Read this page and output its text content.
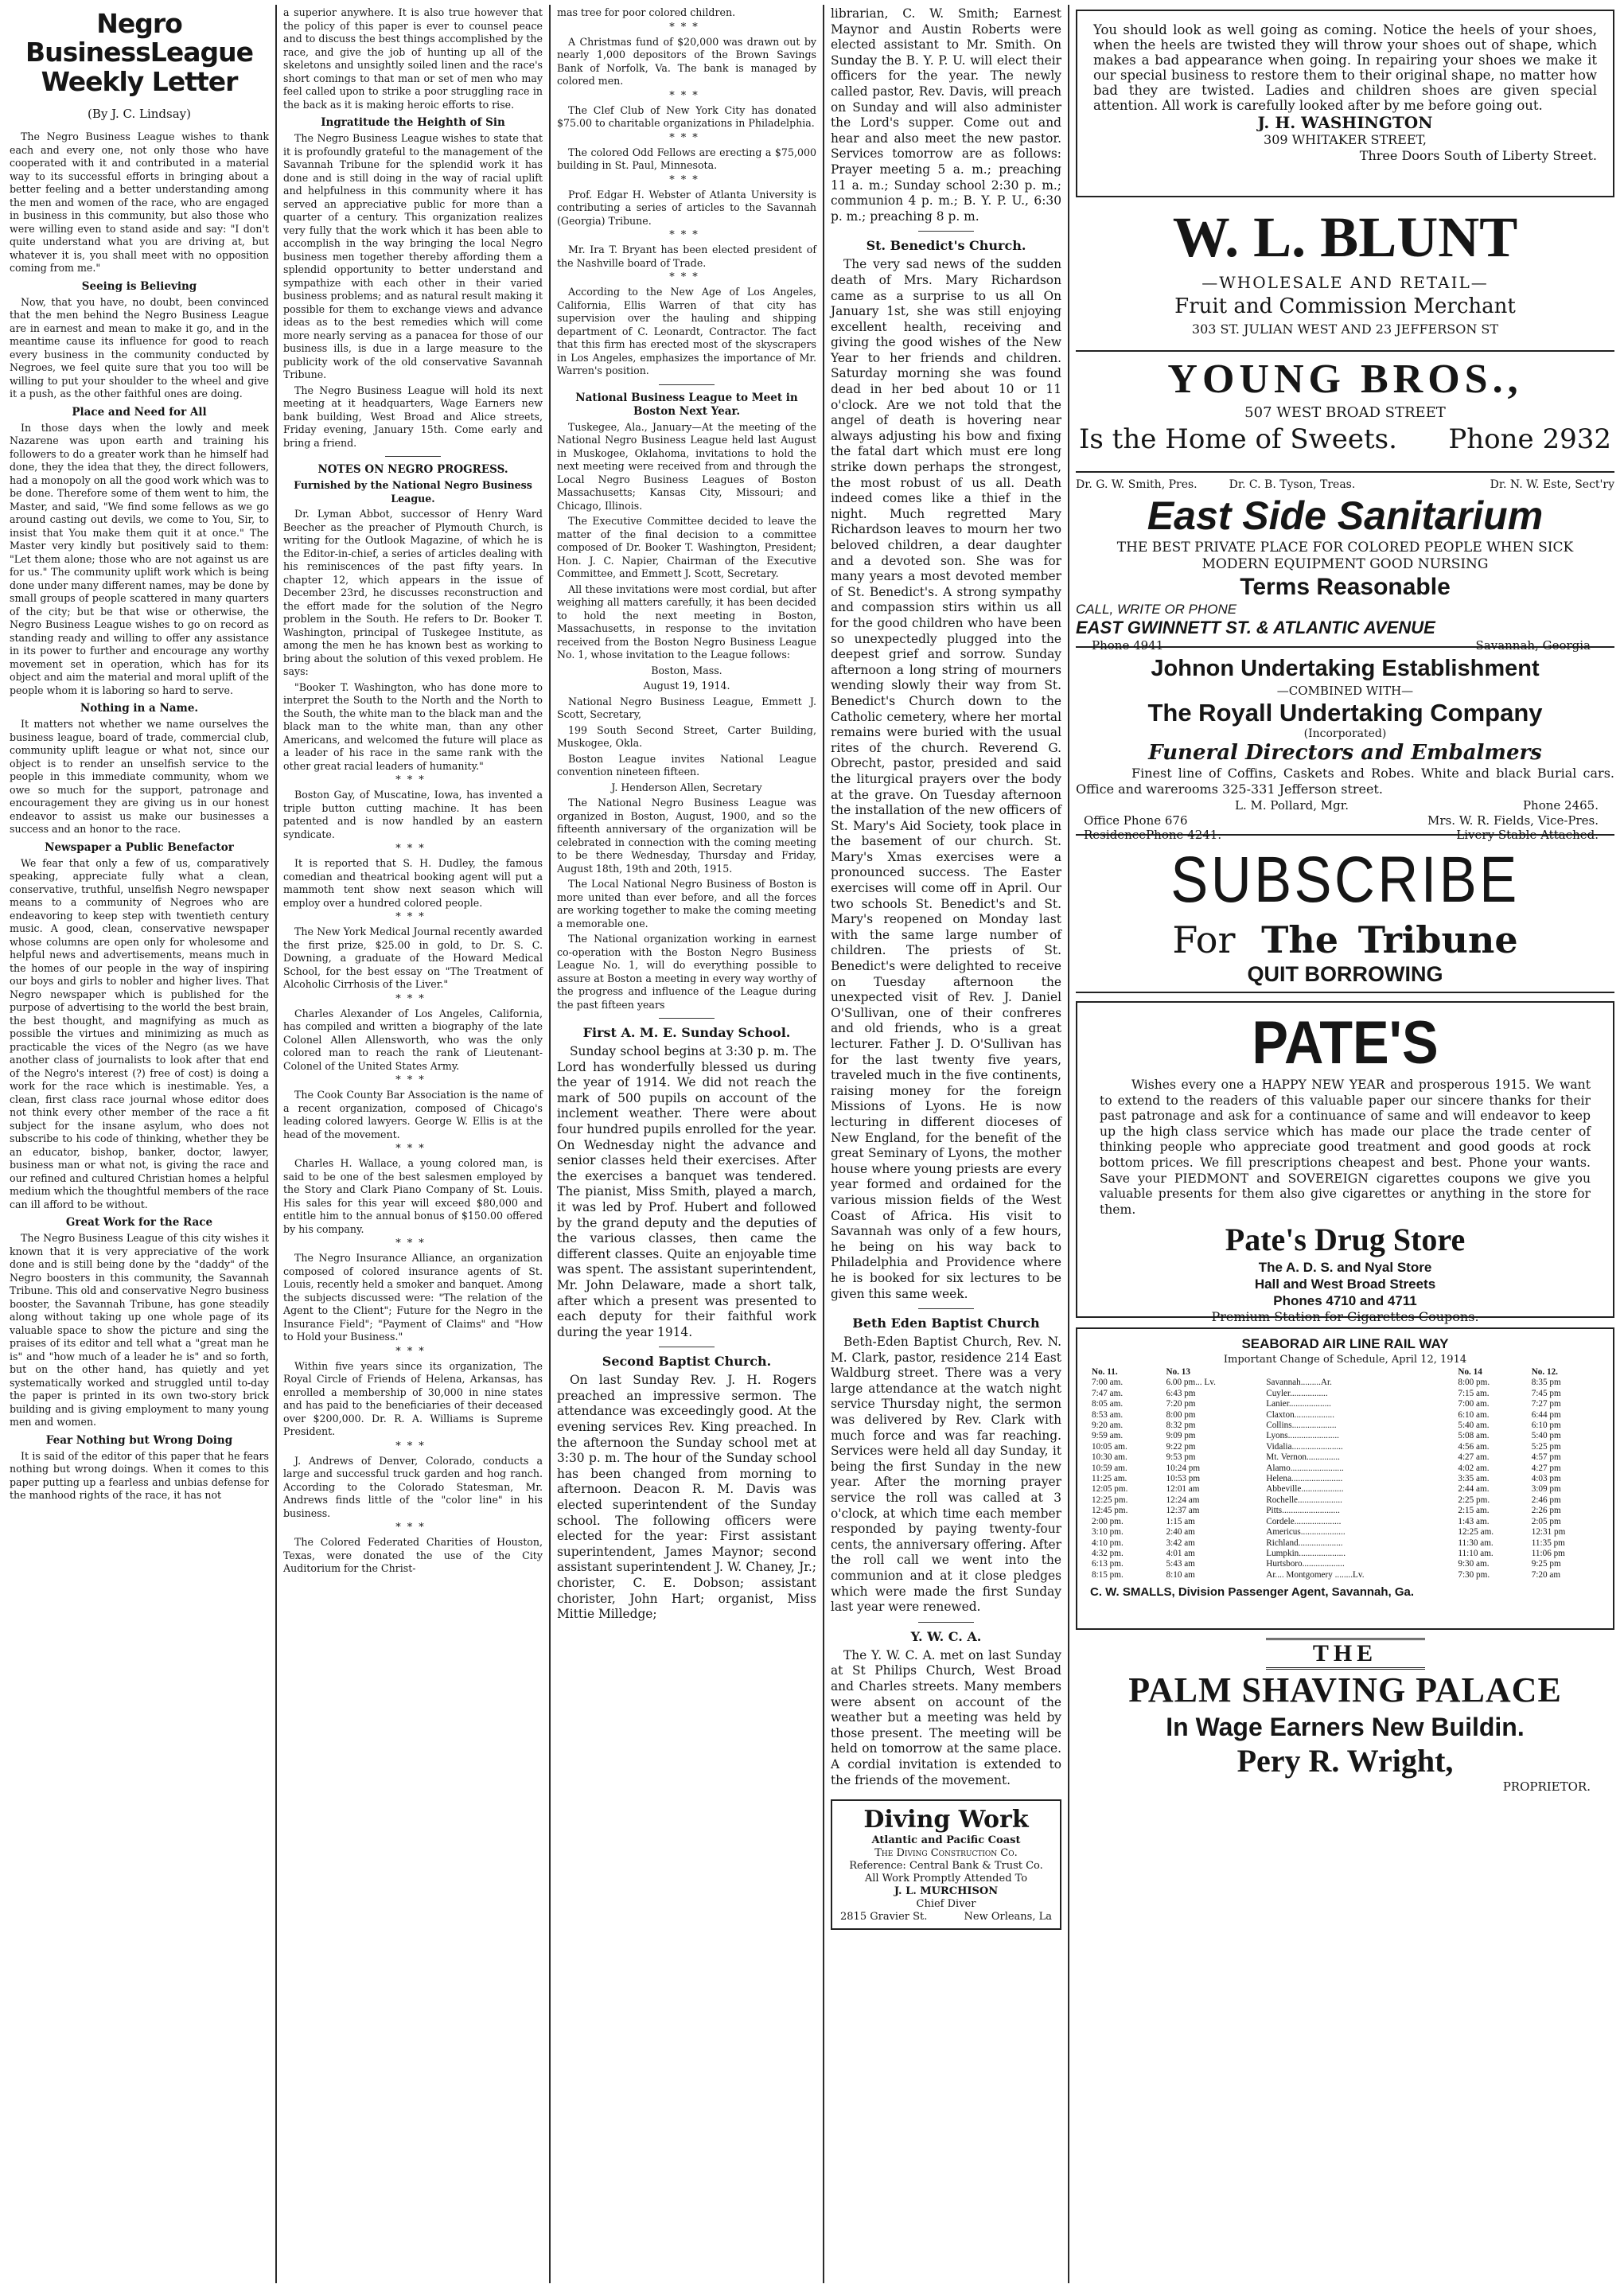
Negro BusinessLeague
Weekly Letter
(By J. C. Lindsay)

The Negro Business League wishes to thank each and every one, not only those who have cooperated with it and contributed in a material way to its successful efforts in bringing about a better feeling and a better understanding among the men and women of the race, who are engaged in business in this community, but also those who were willing even to stand aside and say: "I don't quite understand what you are driving at, but whatever it is, you shall meet with no opposition coming from me."

Seeing is Believing

Now, that you have, no doubt, been convinced that the men behind the Negro Business League are in earnest and mean to make it go, and in the meantime cause its influence for good to reach every business in the community conducted by Negroes, we feel quite sure that you too will be willing to put your shoulder to the wheel and give it a push, as the other faithful ones are doing.

Place and Need for All

In those days when the lowly and meek Nazarene was upon earth and training his followers to do a greater work than he himself had done, they the idea that they, the direct followers, had a monopoly on all the good work which was to be done. Therefore some of them went to him, the Master, and said, "We find some fellows as we go around casting out devils, we come to You, Sir, to insist that You make them quit it at once." The Master very kindly but positively said to them: "Let them alone; those who are not against us are for us." The community uplift work which is being done under many different names, may be done by small groups of people scattered in many quarters of the city; but be that wise or otherwise, the Negro Business League wishes to go on record as standing ready and willing to offer any assistance in its power to further and encourage any worthy movement set in operation, which has for its object and aim the material and moral uplift of the people whom it is laboring so hard to serve.

Nothing in a Name.

It matters not whether we name ourselves the business league, board of trade, commercial club, community uplift league or what not, since our object is to render an unselfish service to the people in this immediate community, whom we owe so much for the support, patronage and encouragement they are giving us in our honest endeavor to assist us make our businesses a success and an honor to the race.

Newspaper a Public Benefactor

We fear that only a few of us, comparatively speaking, appreciate fully what a clean, conservative, truthful, unselfish Negro newspaper means to a community of Negroes who are endeavoring to keep step with twentieth century music. A good, clean, conservative newspaper whose columns are open only for wholesome and helpful news and advertisements, means much in the homes of our people in the way of inspiring our boys and girls to nobler and higher lives. That Negro newspaper which is published for the purpose of advertising to the world the best brain, the best thought, and magnifying as much as possible the virtues and minimizing as much as practicable the vices of the Negro (as we have another class of journalists to look after that end of the Negro's interest (?) free of cost) is doing a work for the race which is inestimable. Yes, a clean, first class race journal whose editor does not think every other member of the race a fit subject for the insane asylum, who does not subscribe to his code of thinking, whether they be an educator, bishop, banker, doctor, lawyer, business man or what not, is giving the race and our refined and cultured Christian homes a helpful medium which the thoughtful members of the race can ill afford to be without.

Great Work for the Race

The Negro Business League of this city wishes it known that it is very appreciative of the work done and is still being done by the "daddy" of the Negro boosters in this community, the Savannah Tribune. This old and conservative Negro business booster, the Savannah Tribune, has gone steadily along without taking up one whole page of its valuable space to show the picture and sing the praises of its editor and tell what a "great man he is" and "how much of a leader he is" and so forth, but on the other hand, has quietly and yet systematically worked and struggled until to-day the paper is printed in its own two-story brick building and is giving employment to many young men and women.

Fear Nothing but Wrong Doing

It is said of the editor of this paper that he fears nothing but wrong doings. When it comes to this paper putting up a fearless and unbias defense for the manhood rights of the race, it has not

a superior anywhere. It is also true however that the policy of this paper is ever to counsel peace and to discuss the best things accomplished by the race, and give the job of hunting up all of the skeletons and unsightly soiled linen and the race's short comings to that man or set of men who may feel called upon to strike a poor struggling race in the back as it is making heroic efforts to rise.

Ingratitude the Heighth of Sin

The Negro Business League wishes to state that it is profoundly grateful to the management of the Savannah Tribune for the splendid work it has done and is still doing in the way of racial uplift and helpfulness in this community where it has served an appreciative public for more than a quarter of a century. This organization realizes very fully that the work which it has been able to accomplish in the way bringing the local Negro business men together thereby affording them a splendid opportunity to better understand and sympathize with each other in their varied business problems; and as natural result making it possible for them to exchange views and advance ideas as to the best remedies which will come more nearly serving as a panacea for those of our business ills, is due in a large measure to the publicity work of the old conservative Savannah Tribune.

The Negro Business League will hold its next meeting at it headquarters, Wage Earners new bank building, West Broad and Alice streets, Friday evening, January 15th. Come early and bring a friend.

NOTES ON NEGRO PROGRESS.

Furnished by the National Negro Business League.

Dr. Lyman Abbot, successor of Henry Ward Beecher as the preacher of Plymouth Church, is writing for the Outlook Magazine, of which he is the Editor-in-chief, a series of articles dealing with his reminiscences of the past fifty years. In chapter 12, which appears in the issue of December 23rd, he discusses reconstruction and the effort made for the solution of the Negro problem in the South. He refers to Dr. Booker T. Washington, principal of Tuskegee Institute, as among the men he has known best as working to bring about the solution of this vexed problem. He says:

"Booker T. Washington, who has done more to interpret the South to the North and the North to the South, the white man to the black man and the black man to the white man, than any other Americans, and welcomed the future will place as a leader of his race in the same rank with the other great racial leaders of humanity."

***

Boston Gay, of Muscatine, Iowa, has invented a triple button cutting machine. It has been patented and is now handled by an eastern syndicate.

***

It is reported that S. H. Dudley, the famous comedian and theatrical booking agent will put a mammoth tent show next season which will employ over a hundred colored people.

***

The New York Medical Journal recently awarded the first prize, $25.00 in gold, to Dr. S. C. Downing, a graduate of the Howard Medical School, for the best essay on "The Treatment of Alcoholic Cirrhosis of the Liver."

***

Charles Alexander of Los Angeles, California, has compiled and written a biography of the late Colonel Allen Allensworth, who was the only colored man to reach the rank of Lieutenant-Colonel of the United States Army.

***

The Cook County Bar Association is the name of a recent organization, composed of Chicago's leading colored lawyers. George W. Ellis is at the head of the movement.

***

Charles H. Wallace, a young colored man, is said to be one of the best salesmen employed by the Story and Clark Piano Company of St. Louis. His sales for this year will exceed $80,000 and entitle him to the annual bonus of $150.00 offered by his company.

***

The Negro Insurance Alliance, an organization composed of colored insurance agents of St. Louis, recently held a smoker and banquet. Among the subjects discussed were: "The relation of the Agent to the Client"; Future for the Negro in the Insurance Field"; "Payment of Claims" and "How to Hold your Business."

***

Within five years since its organization, The Royal Circle of Friends of Helena, Arkansas, has enrolled a membership of 30,000 in nine states and has paid to the beneficiaries of their deceased over $200,000. Dr. R. A. Williams is Supreme President.

***

J. Andrews of Denver, Colorado, conducts a large and successful truck garden and hog ranch. According to the Colorado Statesman, Mr. Andrews finds little of the "color line" in his business.

***

The Colored Federated Charities of Houston, Texas, were donated the use of the City Auditorium for the Christ-

mas tree for poor colored children.

***

A Christmas fund of $20,000 was drawn out by nearly 1,000 depositors of the Brown Savings Bank of Norfolk, Va. The bank is managed by colored men.

***

The Clef Club of New York City has donated $75.00 to charitable organizations in Philadelphia.

***

The colored Odd Fellows are erecting a $75,000 building in St. Paul, Minnesota.

***

Prof. Edgar H. Webster of Atlanta University is contributing a series of articles to the Savannah (Georgia) Tribune.

***

Mr. Ira T. Bryant has been elected president of the Nashville board of Trade.

***

According to the New Age of Los Angeles, California, Ellis Warren of that city has supervision over the hauling and shipping department of C. Leonardt, Contractor. The fact that this firm has erected most of the skyscrapers in Los Angeles, emphasizes the importance of Mr. Warren's position.

National Business League to Meet in Boston Next Year.

Tuskegee, Ala., January—At the meeting of the National Negro Business League held last August in Muskogee, Oklahoma, invitations to hold the next meeting were received from and through the Local Negro Business Leagues of Boston Massachusetts; Kansas City, Missouri; and Chicago, Illinois.

The Executive Committee decided to leave the matter of the final decision to a committee composed of Dr. Booker T. Washington, President; Hon. J. C. Napier, Chairman of the Executive Committee, and Emmett J. Scott, Secretary.

All these invitations were most cordial, but after weighing all matters carefully, it has been decided to hold the next meeting in Boston, Massachusetts, in response to the invitation received from the Boston Negro Business League No. 1, whose invitation to the League follows:

Boston, Mass.

August 19, 1914.

National Negro Business League, Emmett J. Scott, Secretary,

199 South Second Street, Carter Building, Muskogee, Okla.

Boston League invites National League convention nineteen fifteen.

J. Henderson Allen, Secretary

The National Negro Business League was organized in Boston, August, 1900, and so the fifteenth anniversary of the organization will be celebrated in connection with the coming meeting to be there Wednesday, Thursday and Friday, August 18th, 19th and 20th, 1915.

The Local National Negro Business of Boston is more united than ever before, and all the forces are working together to make the coming meeting a memorable one.

The National organization working in earnest co-operation with the Boston Negro Business League No. 1, will do everything possible to assure at Boston a meeting in every way worthy of the progress and influence of the League during the past fifteen years

First A. M. E. Sunday School.

Sunday school begins at 3:30 p. m. The Lord has wonderfully blessed us during the year of 1914. We did not reach the mark of 500 pupils on account of the inclement weather. There were about four hundred pupils enrolled for the year. On Wednesday night the advance and senior classes held their exercises. After the exercises a banquet was tendered. The pianist, Miss Smith, played a march, it was led by Prof. Hubert and followed by the grand deputy and the deputies of the various classes, then came the different classes. Quite an enjoyable time was spent. The assistant superintendent, Mr. John Delaware, made a short talk, after which a present was presented to each deputy for their faithful work during the year 1914.

Second Baptist Church.

On last Sunday Rev. J. H. Rogers preached an impressive sermon. The attendance was exceedingly good. At the evening services Rev. King preached. In the afternoon the Sunday school met at 3:30 p. m. The hour of the Sunday school has been changed from morning to afternoon. Deacon R. M. Davis was elected superintendent of the Sunday school. The following officers were elected for the year: First assistant superintendent, James Maynor; second assistant superintendent J. W. Chaney, Jr.; chorister, C. E. Dobson; assistant chorister, John Hart; organist, Miss Mittie Milledge;

librarian, C. W. Smith; Earnest Maynor and Austin Roberts were elected assistant to Mr. Smith. On Sunday the B. Y. P. U. will elect their officers for the year. The newly called pastor, Rev. Davis, will preach on Sunday and will also administer the Lord's supper. Come out and hear and also meet the new pastor. Services tomorrow are as follows: Prayer meeting 5 a. m.; preaching 11 a. m.; Sunday school 2:30 p. m.; communion 4 p. m.; B. Y. P. U., 6:30 p. m.; preaching 8 p. m.

St. Benedict's Church.

The very sad news of the sudden death of Mrs. Mary Richardson came as a surprise to us all On January 1st, she was still enjoying excellent health, receiving and giving the good wishes of the New Year to her friends and children. Saturday morning she was found dead in her bed about 10 or 11 o'clock. Are we not told that the angel of death is hovering near always adjusting his bow and fixing the fatal dart which must ere long strike down perhaps the strongest, the most robust of us all. Death indeed comes like a thief in the night. Much regretted Mary Richardson leaves to mourn her two beloved children, a dear daughter and a devoted son. She was for many years a most devoted member of St. Benedict's. A strong sympathy and compassion stirs within us all for the good children who have been so unexpectedly plugged into the deepest grief and sorrow. Sunday afternoon a long string of mourners wending slowly their way from St. Benedict's Church down to the Catholic cemetery, where her mortal remains were buried with the usual rites of the church. Reverend G. Obrecht, pastor, presided and said the liturgical prayers over the body at the grave. On Tuesday afternoon the installation of the new officers of St. Mary's Aid Society, took place in the basement of our church. St. Mary's Xmas exercises were a pronounced success. The Easter exercises will come off in April. Our two schools St. Benedict's and St. Mary's reopened on Monday last with the same large number of children. The priests of St. Benedict's were delighted to receive on Tuesday afternoon the unexpected visit of Rev. J. Daniel O'Sullivan, one of their confreres and old friends, who is a great lecturer. Father J. D. O'Sullivan has for the last twenty five years, traveled much in the five continents, raising money for the foreign Missions of Lyons. He is now lecturing in different dioceses of New England, for the benefit of the great Seminary of Lyons, the mother house where young priests are every year formed and ordained for the various mission fields of the West Coast of Africa. His visit to Savannah was only of a few hours, he being on his way back to Philadelphia and Providence where he is booked for six lectures to be given this same week.

Beth Eden Baptist Church

Beth-Eden Baptist Church, Rev. N. M. Clark, pastor, residence 214 East Waldburg street. There was a very large attendance at the watch night service Thursday night, the sermon was delivered by Rev. Clark with much force and was far reaching. Services were held all day Sunday, it being the first Sunday in the new year. After the morning prayer service the roll was called at 3 o'clock, at which time each member responded by paying twenty-four cents, the anniversary offering. After the roll call we went into the communion and at it close pledges which were made the first Sunday last year were renewed.

Y. W. C. A.

The Y. W. C. A. met on last Sunday at St Philips Church, West Broad and Charles streets. Many members were absent on account of the weather but a meeting was held by those present. The meeting will be held on tomorrow at the same place. A cordial invitation is extended to the friends of the movement.

Diving Work
Atlantic and Pacific Coast
The Diving Construction Co.
Reference: Central Bank & Trust Co.
All Work Promptly Attended To
J. L. MURCHISON
Chief Diver
2815 Gravier St.	New Orleans, La
You should look as well going as coming. Notice the heels of your shoes, when the heels are twisted they will throw your shoes out of shape, which makes a bad appearance when going. In repairing your shoes we make it our special business to restore them to their original shape, no matter how bad they are twisted. Ladies and children shoes are given special attention. All work is carefully looked after by me before going out.
J. H. WASHINGTON
309 WHITAKER STREET,
Three Doors South of Liberty Street.
W. L. BLUNT
—WHOLESALE AND RETAIL—
Fruit and Commission Merchant
303 ST. JULIAN WEST AND 23 JEFFERSON ST
YOUNG BROS.,
507 WEST BROAD STREET
Is the Home of Sweets. Phone 2932
Dr. G. W. Smith, Pres.	Dr. C. B. Tyson, Treas.	Dr. N. W. Este, Sect'ry
East Side Sanitarium
THE BEST PRIVATE PLACE FOR COLORED PEOPLE WHEN SICK
MODERN EQUIPMENT GOOD NURSING
Terms Reasonable
CALL, WRITE OR PHONE
EAST GWINNETT ST. & ATLANTIC AVENUE
Phone 4941	Savannah, Georgia
Johnon Undertaking Establishment
—COMBINED WITH—
The Royall Undertaking Company
(Incorporated)
Funeral Directors and Embalmers
Finest line of Coffins, Caskets and Robes. White and black Burial cars. Office and warerooms 325-331 Jefferson street.
L. M. Pollard, Mgr.	Phone 2465.
Office Phone 676	Mrs. W. R. Fields, Vice-Pres.
ResidencePhone 4241.	Livery Stable Attached.
SUBSCRIBE
For The Tribune
QUIT BORROWING
PATE'S
Wishes every one a HAPPY NEW YEAR and prosperous 1915. We want to extend to the readers of this valuable paper our sincere thanks for their past patronage and ask for a continuance of same and will endeavor to keep up the high class service which has made our place the trade center of thinking people who appreciate good treatment and good goods at rock bottom prices. We fill prescriptions cheapest and best. Phone your wants. Save your PIEDMONT and SOVEREIGN cigarettes coupons we give you valuable presents for them also give cigarettes or anything in the store for them.
Pate's Drug Store
The A. D. S. and Nyal Store
Hall and West Broad Streets
Phones 4710 and 4711
Premium Station for Cigarettes Coupons.
SEABORAD AIR LINE RAIL WAY
Important Change of Schedule, April 12, 1914
No. 11.	No. 13		No. 14	No. 12.
7:00 am.	6.00 pm... Lv.	Savannah.........Ar.	8:00 pm.	8:35 pm
7:47 am.	6:43 pm	Cuyler.................	7:15 am.	7:45 pm
8:05 am.	7:20 pm	Lanier...................	7:00 am.	7:27 pm
8:53 am.	8:00 pm	Claxton..................	6:10 am.	6:44 pm
9:20 am.	8:32 pm	Collins....................	5:40 am.	6:10 pm
9:59 am.	9:09 pm	Lyons.......................	5:08 am.	5:40 pm
10:05 am.	9:22 pm	Vidalia.......................	4:56 am.	5:25 pm
10:30 am.	9:53 pm	Mt. Vernon...............	4:27 am.	4:57 pm
10:59 am.	10:24 pm	Alamo........................	4:02 am.	4:27 pm
11:25 am.	10:53 pm	Helena.......................	3:35 am.	4:03 pm
12:05 pm.	12:01 am	Abbeville...................	2:44 am.	3:09 pm
12:25 pm.	12:24 am	Rochelle....................	2:25 pm.	2:46 pm
12:45 pm.	12:37 am	Pitts..........................	2:15 am.	2:26 pm
2:00 pm.	1:15 am	Cordele.....................	1:43 am.	2:05 pm
3:10 pm.	2:40 am	Americus....................	12:25 am.	12:31 pm
4:10 pm.	3:42 am	Richland....................	11:30 am.	11:35 pm
4:32 pm.	4:01 am	Lumpkin.....................	11:10 am.	11:06 pm
6:13 pm.	5:43 am	Hurtsboro...................	9:30 am.	9:25 pm
8:15 pm.	8:10 am	Ar.... Montgomery ........Lv.	7:30 pm.	7:20 am
C. W. SMALLS, Division Passenger Agent, Savannah, Ga.
THE
PALM SHAVING PALACE
In Wage Earners New Buildin.
Pery R. Wright,
PROPRIETOR.
